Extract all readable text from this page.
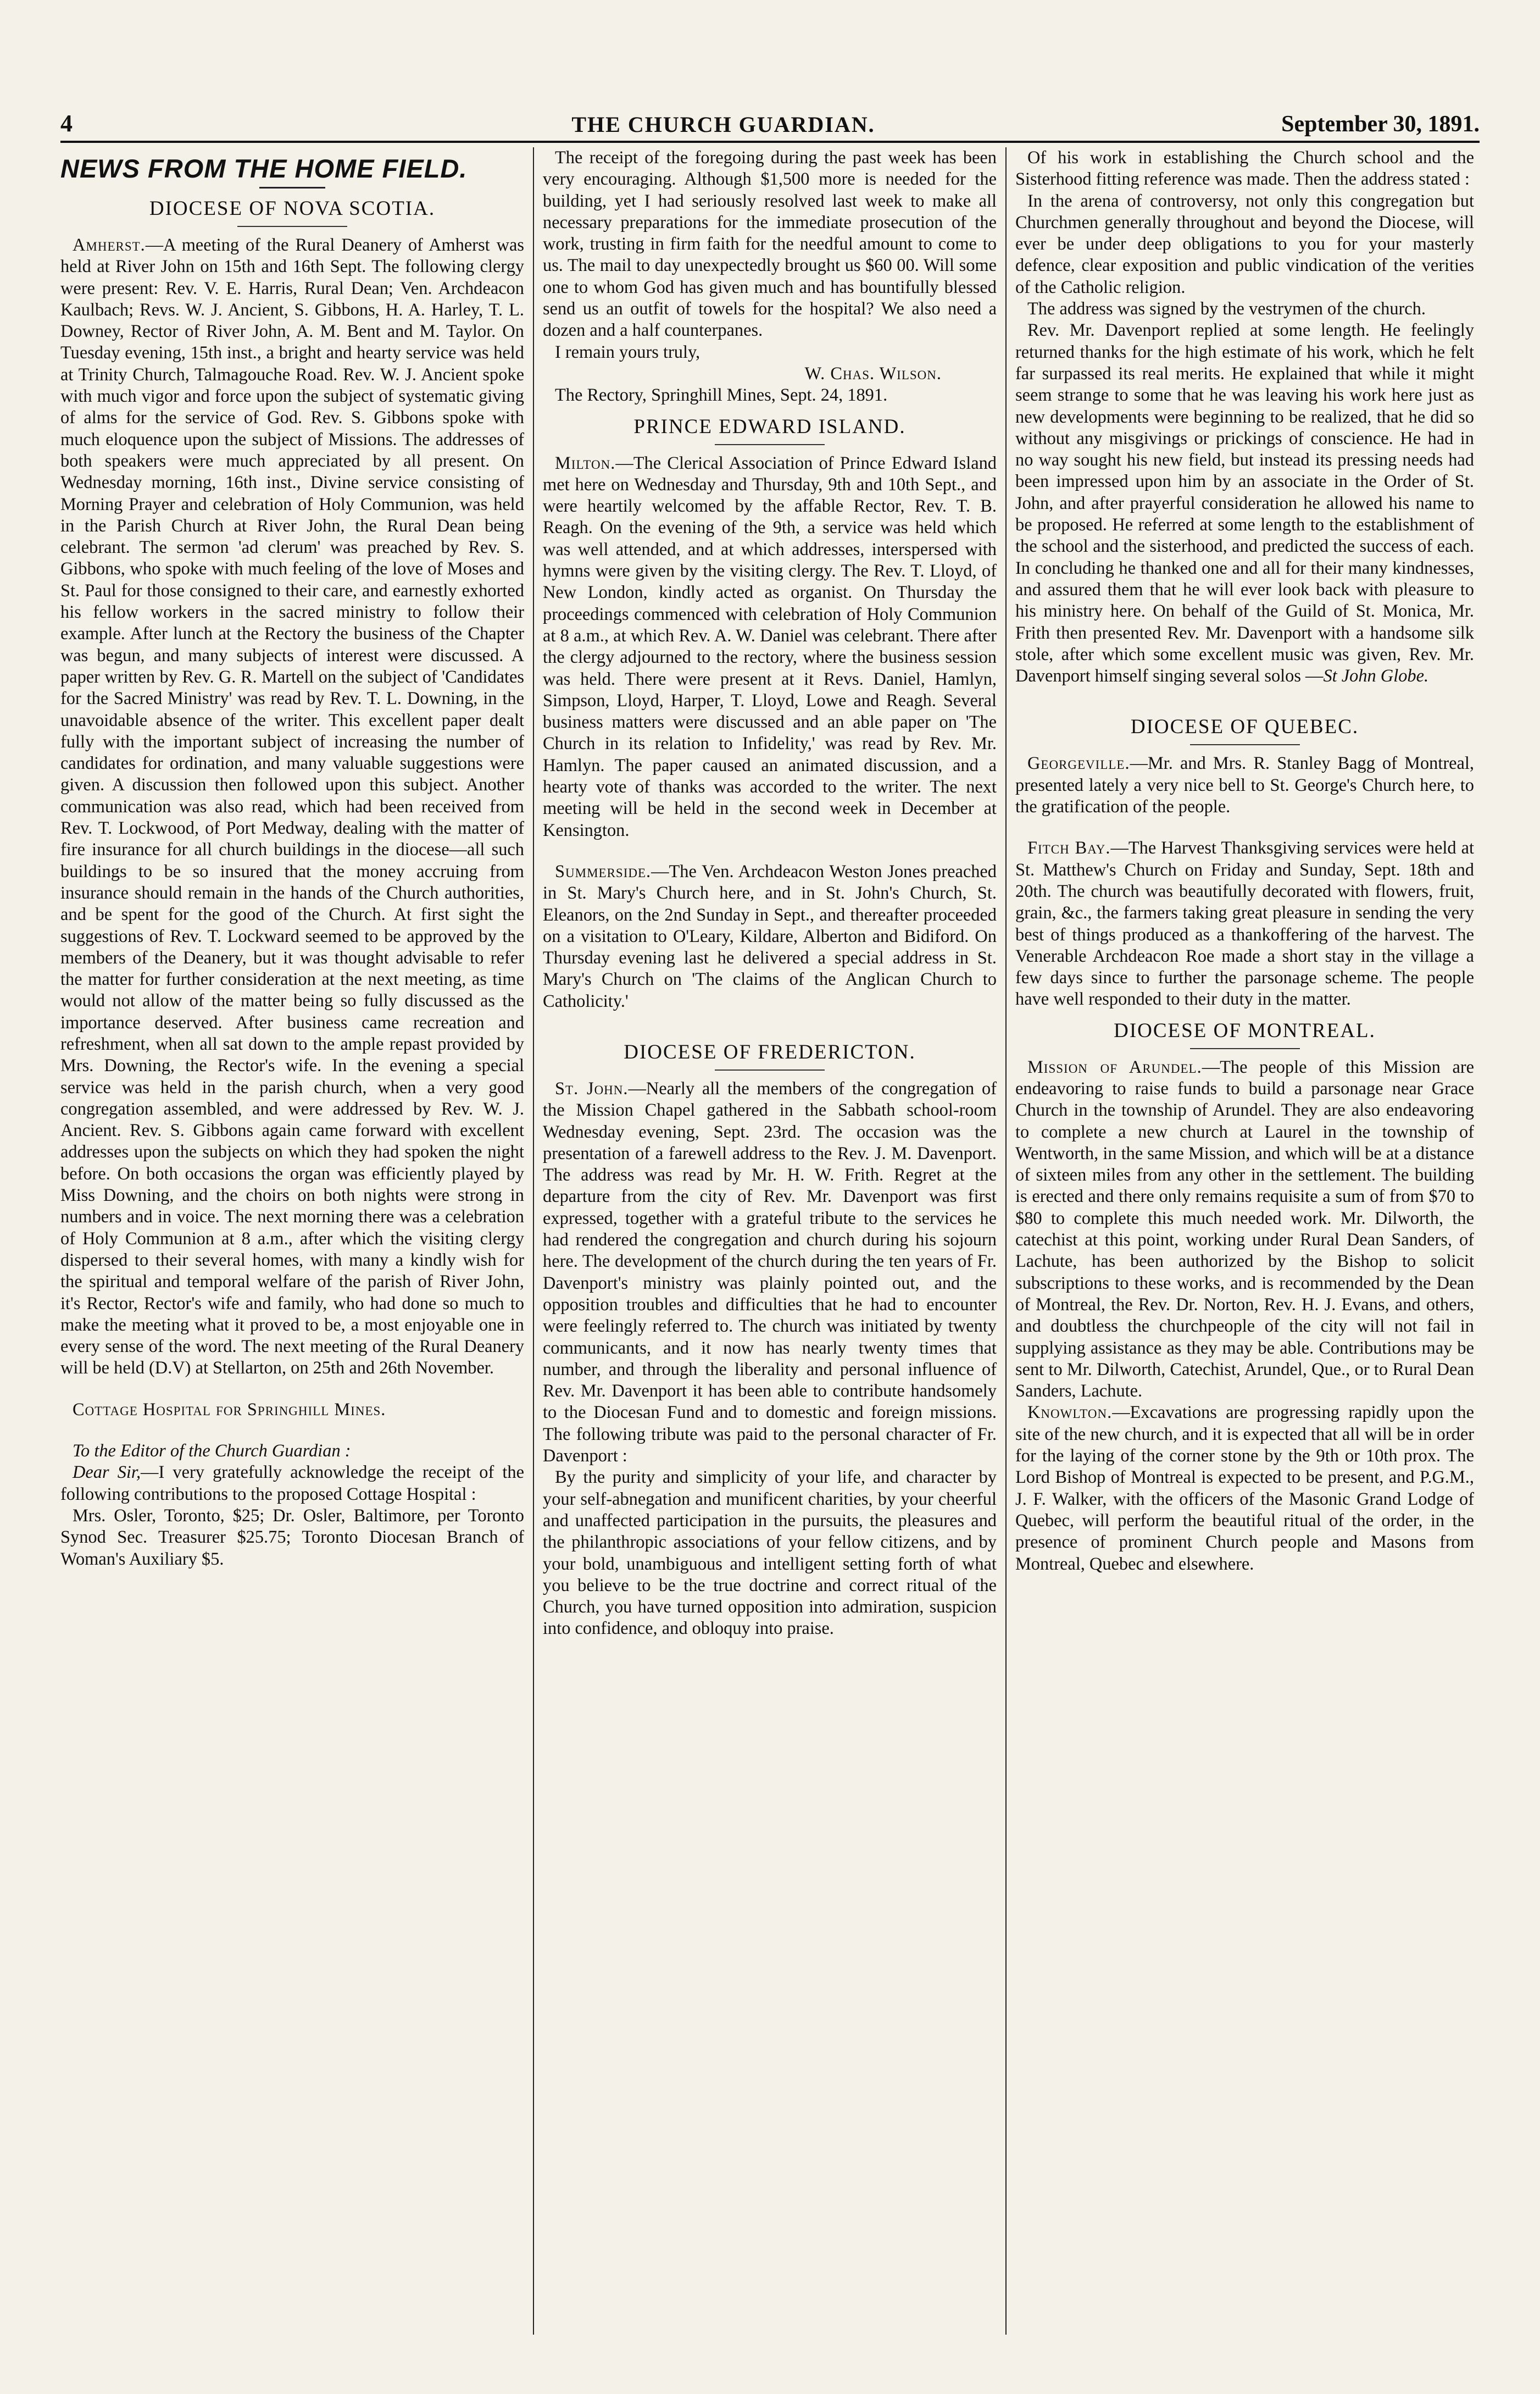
4	THE CHURCH GUARDIAN.	September 30, 1891.
NEWS FROM THE HOME FIELD.
DIOCESE OF NOVA SCOTIA.

Amherst.—A meeting of the Rural Deanery of Amherst was held at River John on 15th and 16th Sept. The following clergy were present: Rev. V. E. Harris, Rural Dean; Ven. Archdeacon Kaulbach; Revs. W. J. Ancient, S. Gibbons, H. A. Harley, T. L. Downey, Rector of River John, A. M. Bent and M. Taylor. On Tuesday evening, 15th inst., a bright and hearty service was held at Trinity Church, Talmagouche Road. Rev. W. J. Ancient spoke with much vigor and force upon the subject of systematic giving of alms for the service of God. Rev. S. Gibbons spoke with much eloquence upon the subject of Missions. The addresses of both speakers were much appreciated by all present. On Wednesday morning, 16th inst., Divine service consisting of Morning Prayer and celebration of Holy Communion, was held in the Parish Church at River John, the Rural Dean being celebrant. The sermon 'ad clerum' was preached by Rev. S. Gibbons, who spoke with much feeling of the love of Moses and St. Paul for those consigned to their care, and earnestly exhorted his fellow workers in the sacred ministry to follow their example. After lunch at the Rectory the business of the Chapter was begun, and many subjects of interest were discussed. A paper written by Rev. G. R. Martell on the subject of 'Candidates for the Sacred Ministry' was read by Rev. T. L. Downing, in the unavoidable absence of the writer. This excellent paper dealt fully with the important subject of increasing the number of candidates for ordination, and many valuable suggestions were given. A discussion then followed upon this subject. Another communication was also read, which had been received from Rev. T. Lockwood, of Port Medway, dealing with the matter of fire insurance for all church buildings in the diocese—all such buildings to be so insured that the money accruing from insurance should remain in the hands of the Church authorities, and be spent for the good of the Church. At first sight the suggestions of Rev. T. Lockward seemed to be approved by the members of the Deanery, but it was thought advisable to refer the matter for further consideration at the next meeting, as time would not allow of the matter being so fully discussed as the importance deserved. After business came recreation and refreshment, when all sat down to the ample repast provided by Mrs. Downing, the Rector's wife. In the evening a special service was held in the parish church, when a very good congregation assembled, and were addressed by Rev. W. J. Ancient. Rev. S. Gibbons again came forward with excellent addresses upon the subjects on which they had spoken the night before. On both occasions the organ was efficiently played by Miss Downing, and the choirs on both nights were strong in numbers and in voice. The next morning there was a celebration of Holy Communion at 8 a.m., after which the visiting clergy dispersed to their several homes, with many a kindly wish for the spiritual and temporal welfare of the parish of River John, it's Rector, Rector's wife and family, who had done so much to make the meeting what it proved to be, a most enjoyable one in every sense of the word. The next meeting of the Rural Deanery will be held (D.V) at Stellarton, on 25th and 26th November.

Cottage Hospital for Springhill Mines.

To the Editor of the Church Guardian :

Dear Sir,—I very gratefully acknowledge the receipt of the following contributions to the proposed Cottage Hospital :

Mrs. Osler, Toronto, $25; Dr. Osler, Baltimore, per Toronto Synod Sec. Treasurer $25.75; Toronto Diocesan Branch of Woman's Auxiliary $5.

The receipt of the foregoing during the past week has been very encouraging. Although $1,500 more is needed for the building, yet I had seriously resolved last week to make all necessary preparations for the immediate prosecution of the work, trusting in firm faith for the needful amount to come to us. The mail to day unexpectedly brought us $60 00. Will some one to whom God has given much and has bountifully blessed send us an outfit of towels for the hospital? We also need a dozen and a half counterpanes.

I remain yours truly,

W. Chas. Wilson.

The Rectory, Springhill Mines, Sept. 24, 1891.

PRINCE EDWARD ISLAND.

Milton.—The Clerical Association of Prince Edward Island met here on Wednesday and Thursday, 9th and 10th Sept., and were heartily welcomed by the affable Rector, Rev. T. B. Reagh. On the evening of the 9th, a service was held which was well attended, and at which addresses, interspersed with hymns were given by the visiting clergy. The Rev. T. Lloyd, of New London, kindly acted as organist. On Thursday the proceedings commenced with celebration of Holy Communion at 8 a.m., at which Rev. A. W. Daniel was celebrant. There after the clergy adjourned to the rectory, where the business session was held. There were present at it Revs. Daniel, Hamlyn, Simpson, Lloyd, Harper, T. Lloyd, Lowe and Reagh. Several business matters were discussed and an able paper on 'The Church in its relation to Infidelity,' was read by Rev. Mr. Hamlyn. The paper caused an animated discussion, and a hearty vote of thanks was accorded to the writer. The next meeting will be held in the second week in December at Kensington.

Summerside.—The Ven. Archdeacon Weston Jones preached in St. Mary's Church here, and in St. John's Church, St. Eleanors, on the 2nd Sunday in Sept., and thereafter proceeded on a visitation to O'Leary, Kildare, Alberton and Bidiford. On Thursday evening last he delivered a special address in St. Mary's Church on 'The claims of the Anglican Church to Catholicity.'

DIOCESE OF FREDERICTON.

St. John.—Nearly all the members of the congregation of the Mission Chapel gathered in the Sabbath school-room Wednesday evening, Sept. 23rd. The occasion was the presentation of a farewell address to the Rev. J. M. Davenport. The address was read by Mr. H. W. Frith. Regret at the departure from the city of Rev. Mr. Davenport was first expressed, together with a grateful tribute to the services he had rendered the congregation and church during his sojourn here. The development of the church during the ten years of Fr. Davenport's ministry was plainly pointed out, and the opposition troubles and difficulties that he had to encounter were feelingly referred to. The church was initiated by twenty communicants, and it now has nearly twenty times that number, and through the liberality and personal influence of Rev. Mr. Davenport it has been able to contribute handsomely to the Diocesan Fund and to domestic and foreign missions. The following tribute was paid to the personal character of Fr. Davenport :

By the purity and simplicity of your life, and character by your self-abnegation and munificent charities, by your cheerful and unaffected participation in the pursuits, the pleasures and the philanthropic associations of your fellow citizens, and by your bold, unambiguous and intelligent setting forth of what you believe to be the true doctrine and correct ritual of the Church, you have turned opposition into admiration, suspicion into confidence, and obloquy into praise.

Of his work in establishing the Church school and the Sisterhood fitting reference was made. Then the address stated :

In the arena of controversy, not only this congregation but Churchmen generally throughout and beyond the Diocese, will ever be under deep obligations to you for your masterly defence, clear exposition and public vindication of the verities of the Catholic religion.

The address was signed by the vestrymen of the church.

Rev. Mr. Davenport replied at some length. He feelingly returned thanks for the high estimate of his work, which he felt far surpassed its real merits. He explained that while it might seem strange to some that he was leaving his work here just as new developments were beginning to be realized, that he did so without any misgivings or prickings of conscience. He had in no way sought his new field, but instead its pressing needs had been impressed upon him by an associate in the Order of St. John, and after prayerful consideration he allowed his name to be proposed. He referred at some length to the establishment of the school and the sisterhood, and predicted the success of each. In concluding he thanked one and all for their many kindnesses, and assured them that he will ever look back with pleasure to his ministry here. On behalf of the Guild of St. Monica, Mr. Frith then presented Rev. Mr. Davenport with a handsome silk stole, after which some excellent music was given, Rev. Mr. Davenport himself singing several solos —St John Globe.

DIOCESE OF QUEBEC.

Georgeville.—Mr. and Mrs. R. Stanley Bagg of Montreal, presented lately a very nice bell to St. George's Church here, to the gratification of the people.

Fitch Bay.—The Harvest Thanksgiving services were held at St. Matthew's Church on Friday and Sunday, Sept. 18th and 20th. The church was beautifully decorated with flowers, fruit, grain, &c., the farmers taking great pleasure in sending the very best of things produced as a thankoffering of the harvest. The Venerable Archdeacon Roe made a short stay in the village a few days since to further the parsonage scheme. The people have well responded to their duty in the matter.

DIOCESE OF MONTREAL.

Mission of Arundel.—The people of this Mission are endeavoring to raise funds to build a parsonage near Grace Church in the township of Arundel. They are also endeavoring to complete a new church at Laurel in the township of Wentworth, in the same Mission, and which will be at a distance of sixteen miles from any other in the settlement. The building is erected and there only remains requisite a sum of from $70 to $80 to complete this much needed work. Mr. Dilworth, the catechist at this point, working under Rural Dean Sanders, of Lachute, has been authorized by the Bishop to solicit subscriptions to these works, and is recommended by the Dean of Montreal, the Rev. Dr. Norton, Rev. H. J. Evans, and others, and doubtless the churchpeople of the city will not fail in supplying assistance as they may be able. Contributions may be sent to Mr. Dilworth, Catechist, Arundel, Que., or to Rural Dean Sanders, Lachute.

Knowlton.—Excavations are progressing rapidly upon the site of the new church, and it is expected that all will be in order for the laying of the corner stone by the 9th or 10th prox. The Lord Bishop of Montreal is expected to be present, and P.G.M., J. F. Walker, with the officers of the Masonic Grand Lodge of Quebec, will perform the beautiful ritual of the order, in the presence of prominent Church people and Masons from Montreal, Quebec and elsewhere.
